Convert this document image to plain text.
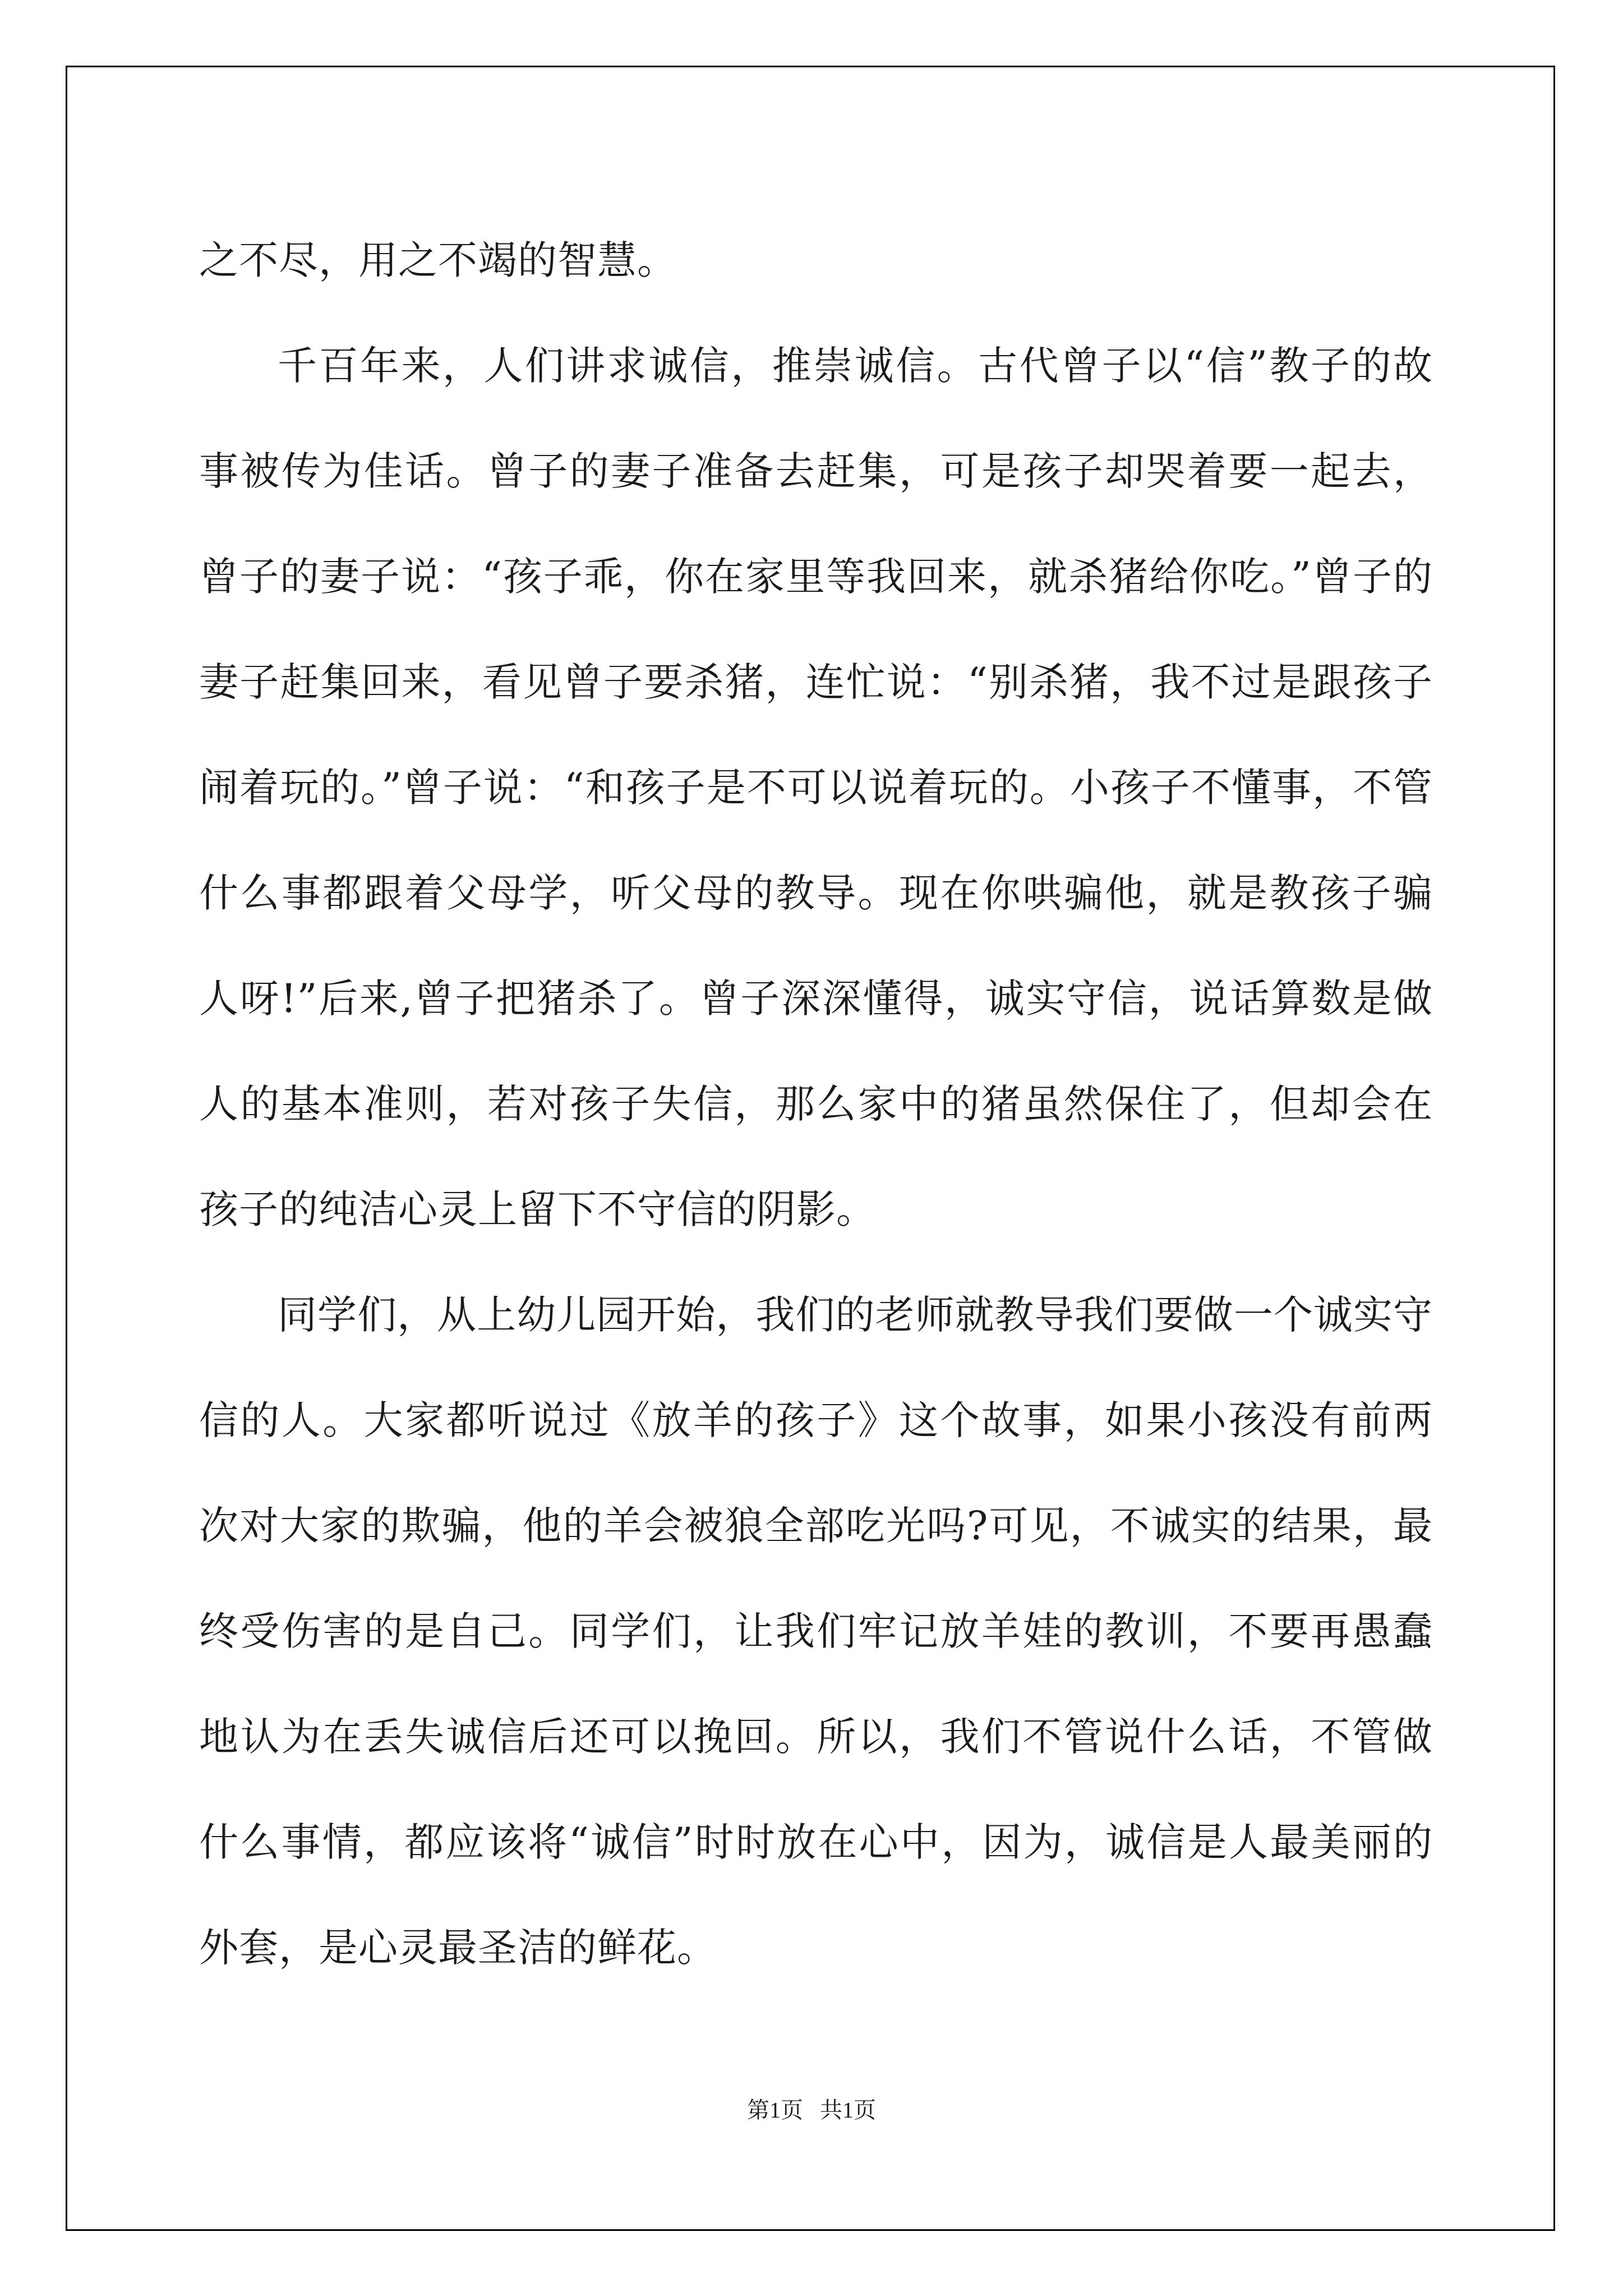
之不尽，用之不竭的智慧。

千百年来，人们讲求诚信，推崇诚信。古代曾子以“信”教子的故事被传为佳话。曾子的妻子准备去赶集，可是孩子却哭着要一起去，曾子的妻子说：“孩子乖，你在家里等我回来，就杀猪给你吃。”曾子的妻子赶集回来，看见曾子要杀猪，连忙说：“别杀猪，我不过是跟孩子闹着玩的。”曾子说：“和孩子是不可以说着玩的。小孩子不懂事，不管什么事都跟着父母学，听父母的教导。现在你哄骗他，就是教孩子骗人呀!”后来,曾子把猪杀了。曾子深深懂得，诚实守信，说话算数是做人的基本准则，若对孩子失信，那么家中的猪虽然保住了，但却会在孩子的纯洁心灵上留下不守信的阴影。

同学们，从上幼儿园开始，我们的老师就教导我们要做一个诚实守信的人。大家都听说过《放羊的孩子》这个故事，如果小孩没有前两次对大家的欺骗，他的羊会被狼全部吃光吗?可见，不诚实的结果，最终受伤害的是自己。同学们，让我们牢记放羊娃的教训，不要再愚蠢地认为在丢失诚信后还可以挽回。所以，我们不管说什么话，不管做什么事情，都应该将“诚信”时时放在心中，因为，诚信是人最美丽的外套，是心灵最圣洁的鲜花。

第1页 共1页
